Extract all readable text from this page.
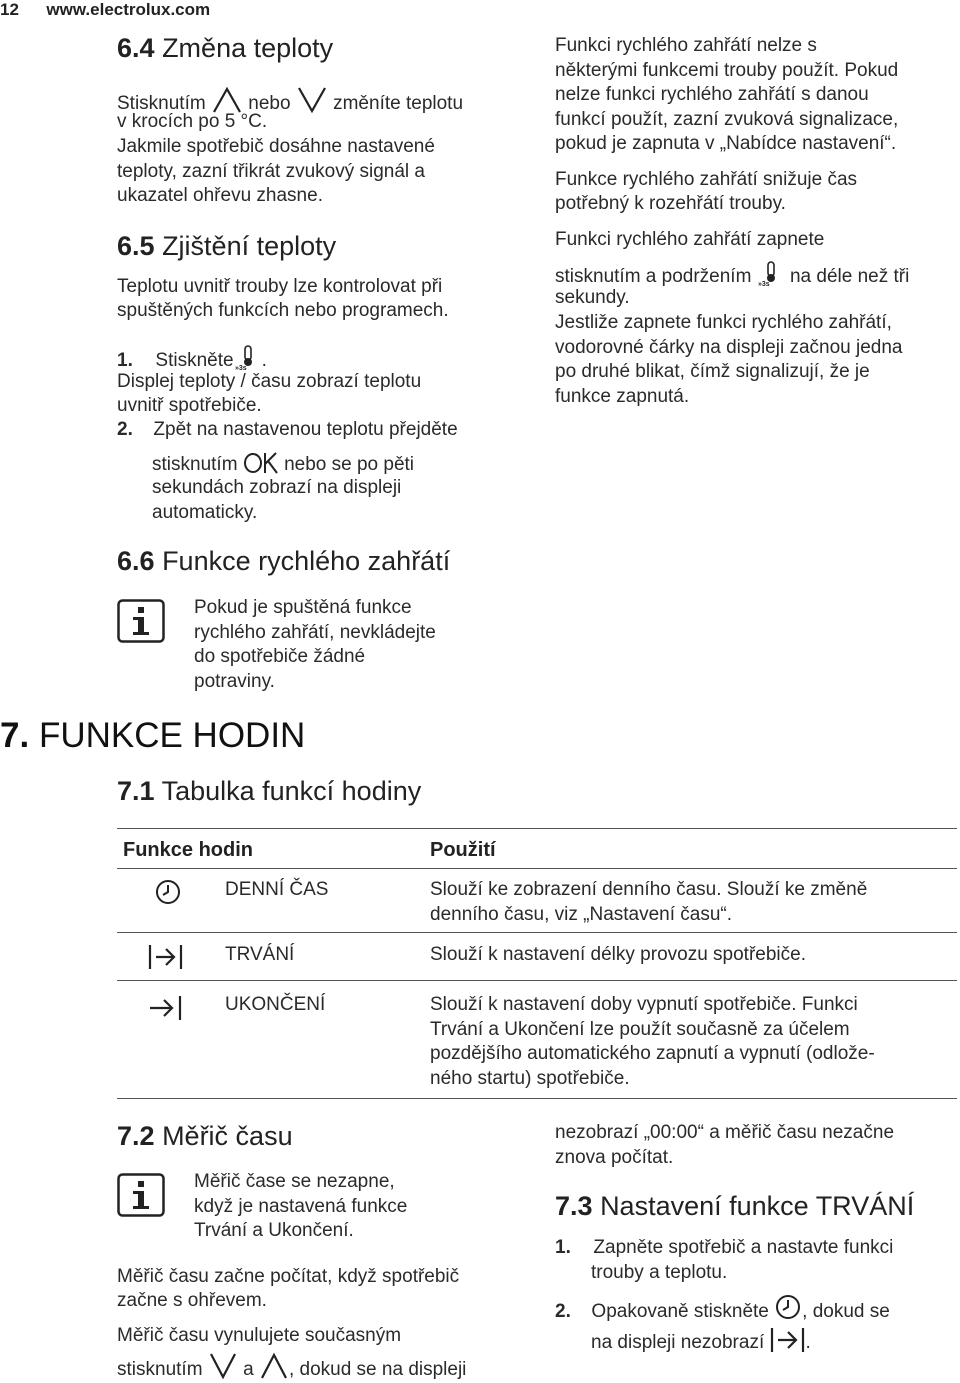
12 www.electrolux.com
6.4 Změna teploty
Stisknutím nebo změníte teplotu
v krocích po 5 °C.
Jakmile spotřebič dosáhne nastavené
teploty, zazní třikrát zvukový signál a
ukazatel ohřevu zhasne.
6.5 Zjištění teploty
Teplotu uvnitř trouby lze kontrolovat při
spuštěných funkcích nebo programech.
1. Stiskněte »3s .
Displej teploty / času zobrazí teplotu
uvnitř spotřebiče.
2. Zpět na nastavenou teplotu přejděte
stisknutím nebo se po pěti
sekundách zobrazí na displeji
automaticky.
6.6 Funkce rychlého zahřátí
Pokud je spuštěná funkce
rychlého zahřátí, nevkládejte
do spotřebiče žádné
potraviny.
Funkci rychlého zahřátí nelze s
některými funkcemi trouby použít. Pokud
nelze funkci rychlého zahřátí s danou
funkcí použít, zazní zvuková signalizace,
pokud je zapnuta v „Nabídce nastavení“.
Funkce rychlého zahřátí snižuje čas
potřebný k rozehřátí trouby.
Funkci rychlého zahřátí zapnete
stisknutím a podržením »3s na déle než tři
sekundy.
Jestliže zapnete funkci rychlého zahřátí,
vodorovné čárky na displeji začnou jedna
po druhé blikat, čímž signalizují, že je
funkce zapnutá.
7. FUNKCE HODIN
7.1 Tabulka funkcí hodiny
Funkce hodin	Použití
DENNÍ ČAS	Slouží ke zobrazení denního času. Slouží ke změně
denního času, viz „Nastavení času“.
TRVÁNÍ	Slouží k nastavení délky provozu spotřebiče.
UKONČENÍ	Slouží k nastavení doby vypnutí spotřebiče. Funkci
Trvání a Ukončení lze použít současně za účelem
pozdějšího automatického zapnutí a vypnutí (odlože-
ného startu) spotřebiče.
7.2 Měřič času
Měřič čase se nezapne,
když je nastavená funkce
Trvání a Ukončení.
Měřič času začne počítat, když spotřebič
začne s ohřevem.
Měřič času vynulujete současným
stisknutím a , dokud se na displeji
nezobrazí „00:00“ a měřič času nezačne
znova počítat.
7.3 Nastavení funkce TRVÁNÍ
1. Zapněte spotřebič a nastavte funkci
trouby a teplotu.
2. Opakovaně stiskněte , dokud se
na displeji nezobrazí .
